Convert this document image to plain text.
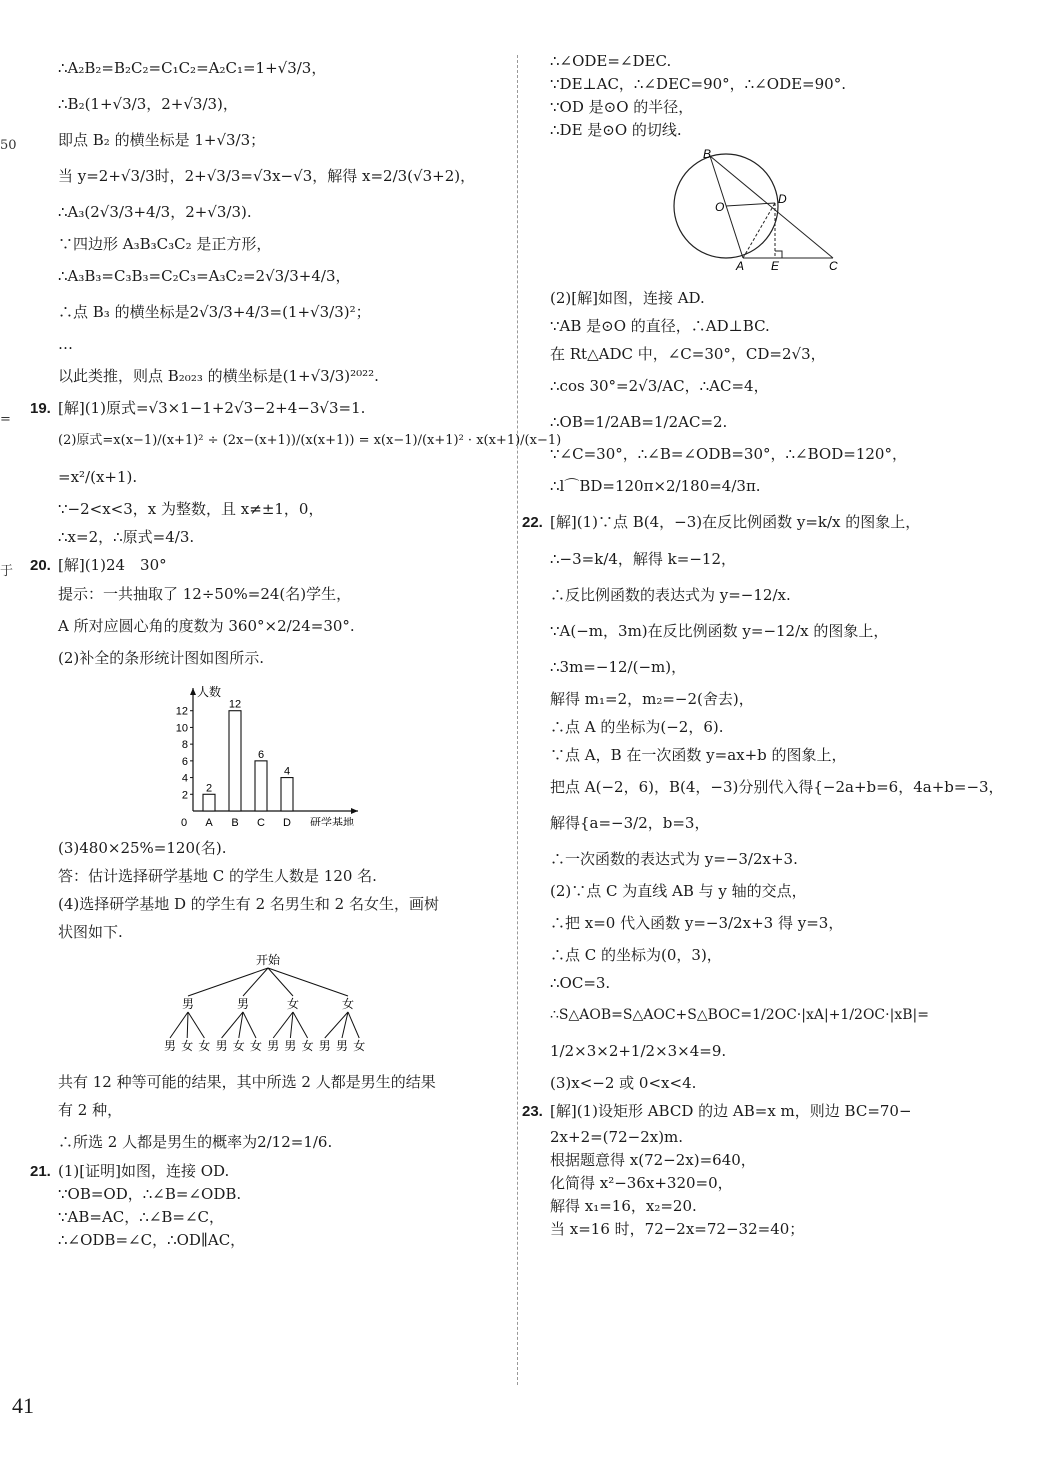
50
=
于
∴A₂B₂=B₂C₂=C₁C₂=A₂C₁=1+√3/3，
∴B₂(1+√3/3，2+√3/3)，
即点 B₂ 的横坐标是 1+√3/3；
当 y=2+√3/3时，2+√3/3=√3x−√3，解得 x=2/3(√3+2)，
∴A₃(2√3/3+4/3，2+√3/3).
∵四边形 A₃B₃C₃C₂ 是正方形，
∴A₃B₃=C₃B₃=C₂C₃=A₃C₂=2√3/3+4/3，
∴点 B₃ 的横坐标是2√3/3+4/3=(1+√3/3)²；
…
以此类推，则点 B₂₀₂₃ 的横坐标是(1+√3/3)²⁰²².
19. [解](1)原式=√3×1−1+2√3−2+4−3√3=1.
(2)原式=x(x−1)/(x+1)² ÷ (2x−(x+1))/(x(x+1)) = x(x−1)/(x+1)² · x(x+1)/(x−1)
=x²/(x+1).
∵−2<x<3，x 为整数，且 x≠±1，0，
∴x=2，∴原式=4/3.
20. [解](1)24　30°
提示：一共抽取了 12÷50%=24(名)学生，
A 所对应圆心角的度数为 360°×2/24=30°.
(2)补全的条形统计图如图所示.
人数
研学基地
0
2
4
6
8
10
12
2
A
12
B
6
C
4
D
(3)480×25%=120(名).
答：估计选择研学基地 C 的学生人数是 120 名.
(4)选择研学基地 D 的学生有 2 名男生和 2 名女生，画树
状图如下.
开始
男	男	女	女
男 女 女 男 女 女 男 男 女 男 男 女
共有 12 种等可能的结果，其中所选 2 人都是男生的结果
有 2 种，
∴所选 2 人都是男生的概率为2/12=1/6.
21. (1)[证明]如图，连接 OD.
∵OB=OD，∴∠B=∠ODB.
∵AB=AC，∴∠B=∠C，
∴∠ODB=∠C，∴OD∥AC，
∴∠ODE=∠DEC.
∵DE⊥AC，∴∠DEC=90°，∴∠ODE=90°.
∵OD 是⊙O 的半径，
∴DE 是⊙O 的切线.
B
D
O
A E	C
(2)[解]如图，连接 AD.
∵AB 是⊙O 的直径，∴AD⊥BC.
在 Rt△ADC 中，∠C=30°，CD=2√3，
∴cos 30°=2√3/AC，∴AC=4，
∴OB=1/2AB=1/2AC=2.
∵∠C=30°，∴∠B=∠ODB=30°，∴∠BOD=120°，
∴l⌒BD=120π×2/180=4/3π.
22. [解](1)∵点 B(4，−3)在反比例函数 y=k/x 的图象上，
∴−3=k/4，解得 k=−12，
∴反比例函数的表达式为 y=−12/x.
∵A(−m，3m)在反比例函数 y=−12/x 的图象上，
∴3m=−12/(−m)，
解得 m₁=2，m₂=−2(舍去)，
∴点 A 的坐标为(−2，6).
∵点 A，B 在一次函数 y=ax+b 的图象上，
把点 A(−2，6)，B(4，−3)分别代入得{−2a+b=6，4a+b=−3，
解得{a=−3/2，b=3，
∴一次函数的表达式为 y=−3/2x+3.
(2)∵点 C 为直线 AB 与 y 轴的交点，
∴把 x=0 代入函数 y=−3/2x+3 得 y=3，
∴点 C 的坐标为(0，3)，
∴OC=3.
∴S△AOB=S△AOC+S△BOC=1/2OC·|xA|+1/2OC·|xB|=
1/2×3×2+1/2×3×4=9.
(3)x<−2 或 0<x<4.
23. [解](1)设矩形 ABCD 的边 AB=x m，则边 BC=70−
2x+2=(72−2x)m.
根据题意得 x(72−2x)=640，
化简得 x²−36x+320=0，
解得 x₁=16，x₂=20.
当 x=16 时，72−2x=72−32=40；
41
